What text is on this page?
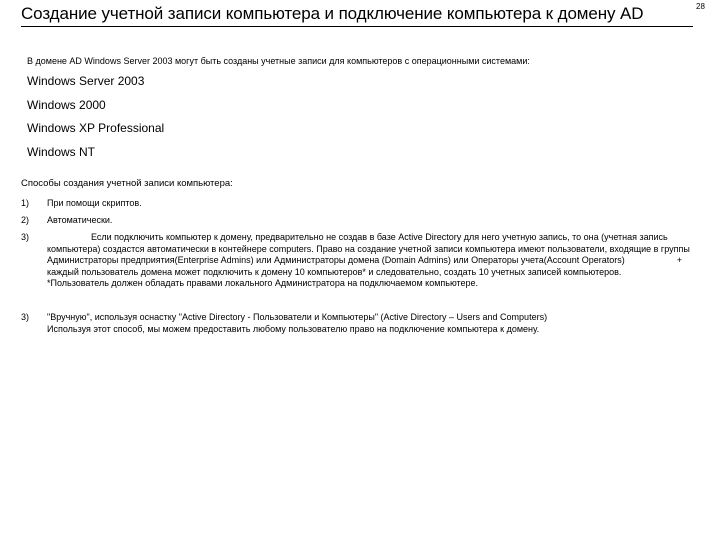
Создание учетной записи компьютера и подключение компьютера к домену AD	28
В домене AD Windows Server 2003 могут быть созданы учетные записи для компьютеров с операционными системами:
Windows Server 2003
Windows 2000
Windows XP Professional
Windows NT
Способы создания учетной записи компьютера:
1)	При помощи скриптов.
2)	Автоматически.
3)	Если подключить компьютер к домену, предварительно не создав в базе Active Directory для него учетную запись, то она (учетная запись компьютера) создастся автоматически в контейнере computers. Право на создание учетной записи компьютера имеют пользователи, входящие в группы Администраторы предприятия(Enterprise Admins) или Администраторы домена (Domain Admins) или Операторы учета(Account Operators)	+ каждый пользователь домена может подключить к домену 10 компьютеров* и следовательно, создать 10 учетных записей компьютеров.

*Пользователь должен обладать правами локального Администратора на подключаемом компьютере.

3)	"Вручную", используя оснастку "Active Directory - Пользователи и Компьютеры" (Active Directory – Users and Computers)

Используя этот способ, мы можем предоставить любому пользователю право на подключение компьютера к домену.
